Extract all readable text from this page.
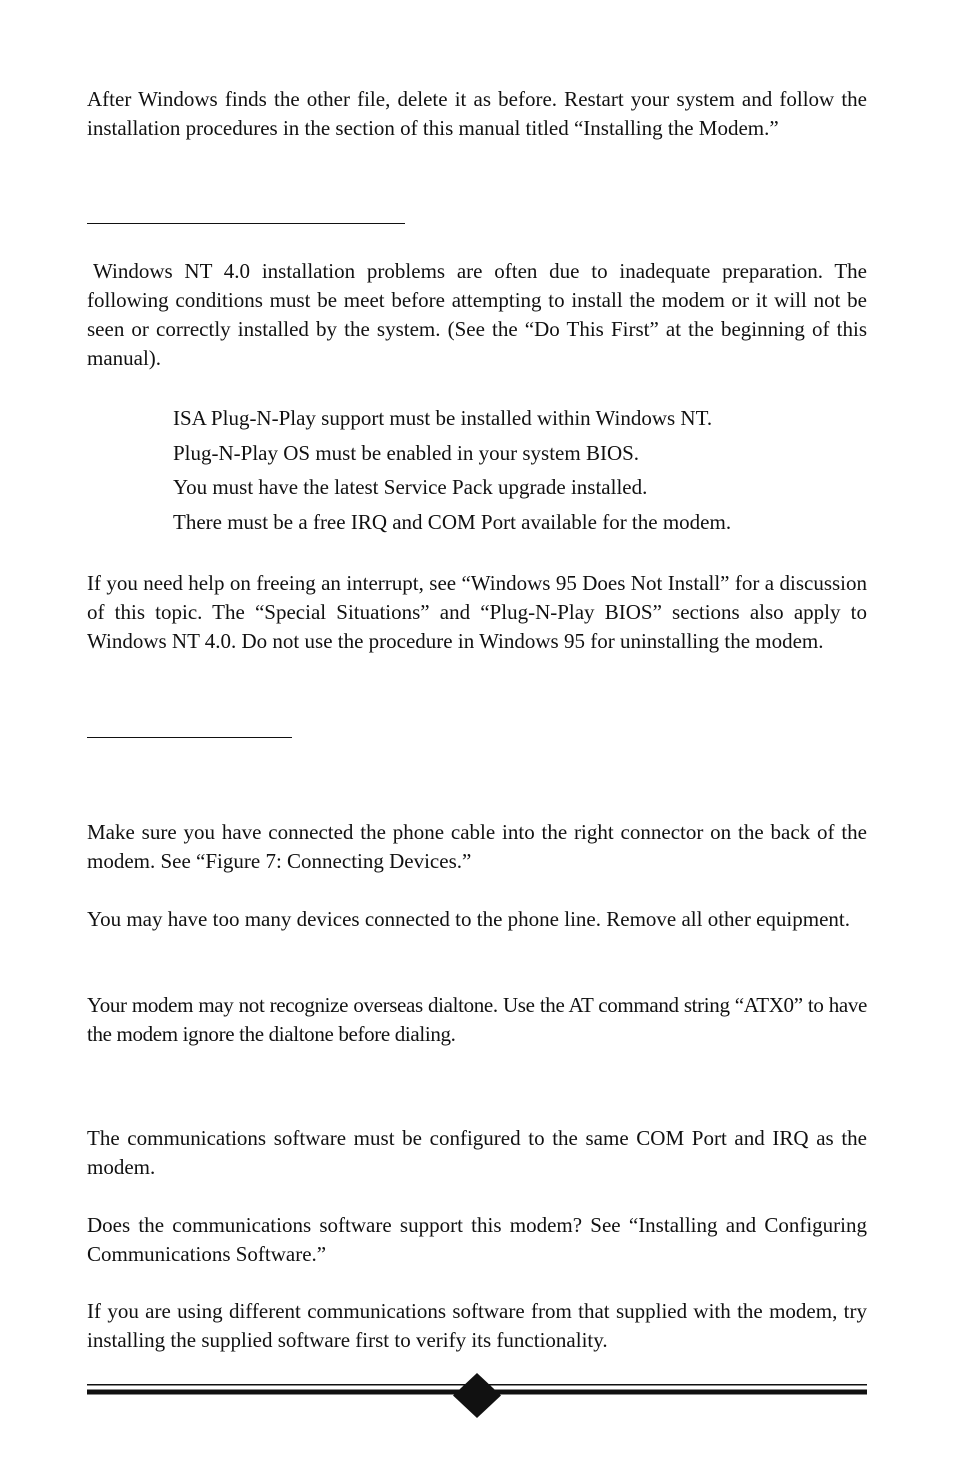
After Windows finds the other file, delete it as before. Restart your system and follow the installation procedures in the section of this manual titled “Installing the Modem.”

Windows NT 4.0 installation problems are often due to inadequate preparation. The following conditions must be meet before attempting to install the modem or it will not be seen or correctly installed by the system. (See the “Do This First” at the beginning of this manual).

ISA Plug-N-Play support must be installed within Windows NT.
Plug-N-Play OS must be enabled in your system BIOS.
You must have the latest Service Pack upgrade installed.
There must be a free IRQ and COM Port available for the modem.

If you need help on freeing an interrupt, see “Windows 95 Does Not Install” for a discussion of this topic. The “Special Situations” and “Plug-N-Play BIOS” sections also apply to Windows NT 4.0. Do not use the procedure in Windows 95 for uninstalling the modem.

Make sure you have connected the phone cable into the right connector on the back of the modem. See “Figure 7: Connecting Devices.”

You may have too many devices connected to the phone line. Remove all other equipment.

Your modem may not recognize overseas dialtone. Use the AT command string “ATX0” to have the modem ignore the dialtone before dialing.

The communications software must be configured to the same COM Port and IRQ as the modem.

Does the communications software support this modem? See “Installing and Configuring Communications Software.”

If you are using different communications software from that supplied with the modem, try installing the supplied software first to verify its functionality.
